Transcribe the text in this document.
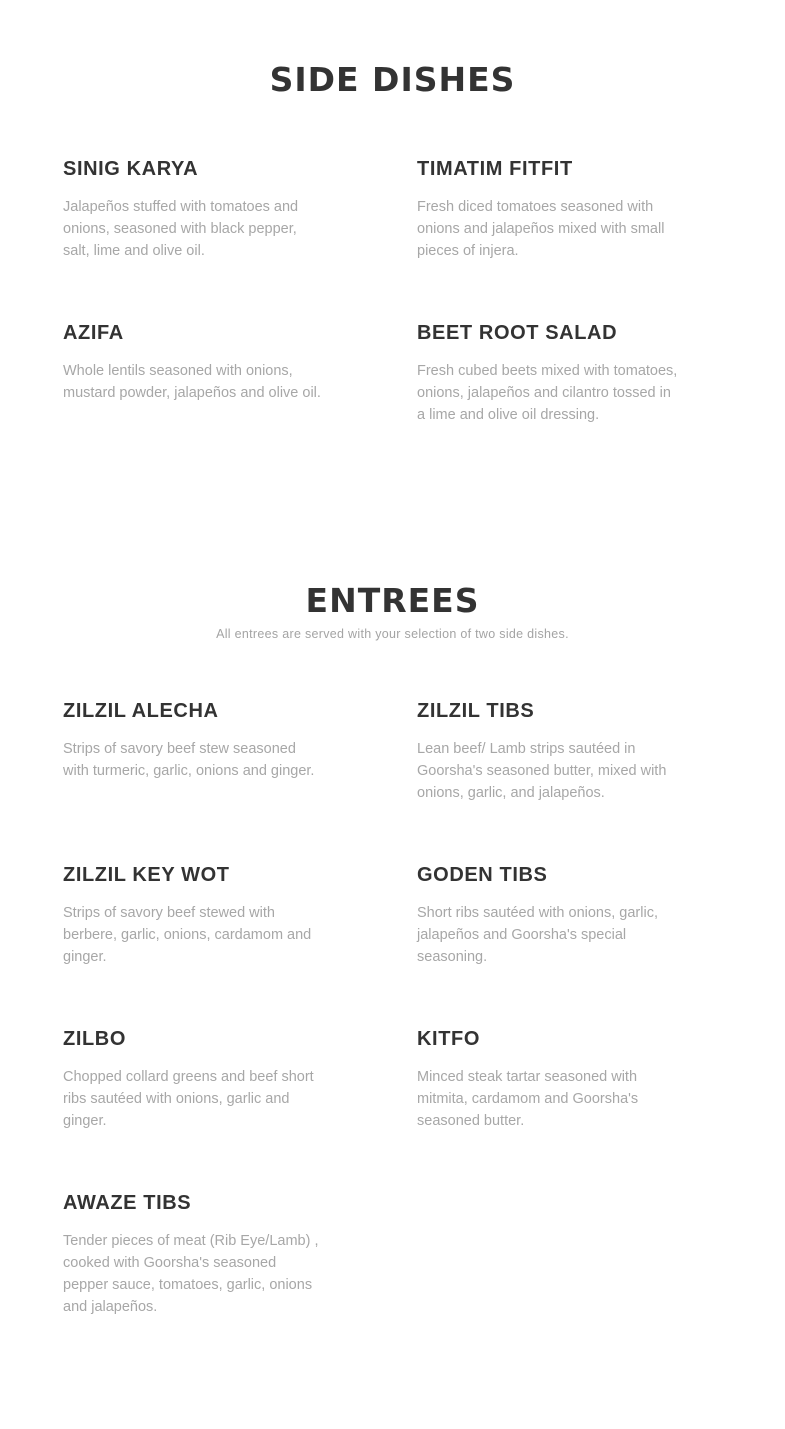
SIDE DISHES
SINIG KARYA

Jalapeños stuffed with tomatoes and onions, seasoned with black pepper, salt, lime and olive oil.

TIMATIM FITFIT

Fresh diced tomatoes seasoned with onions and jalapeños mixed with small pieces of injera.

AZIFA

Whole lentils seasoned with onions, mustard powder, jalapeños and olive oil.

BEET ROOT SALAD

Fresh cubed beets mixed with tomatoes, onions, jalapeños and cilantro tossed in a lime and olive oil dressing.

ENTREES

All entrees are served with your selection of two side dishes.

ZILZIL ALECHA

Strips of savory beef stew seasoned with turmeric, garlic, onions and ginger.

ZILZIL TIBS

Lean beef/ Lamb strips sautéed in Goorsha's seasoned butter, mixed with onions, garlic, and jalapeños.

ZILZIL KEY WOT

Strips of savory beef stewed with berbere, garlic, onions, cardamom and ginger.

GODEN TIBS

Short ribs sautéed with onions, garlic, jalapeños and Goorsha's special seasoning.

ZILBO

Chopped collard greens and beef short ribs sautéed with onions, garlic and ginger.

KITFO

Minced steak tartar seasoned with mitmita, cardamom and Goorsha's seasoned butter.

AWAZE TIBS

Tender pieces of meat (Rib Eye/Lamb) , cooked with Goorsha's seasoned pepper sauce, tomatoes, garlic, onions and jalapeños.
